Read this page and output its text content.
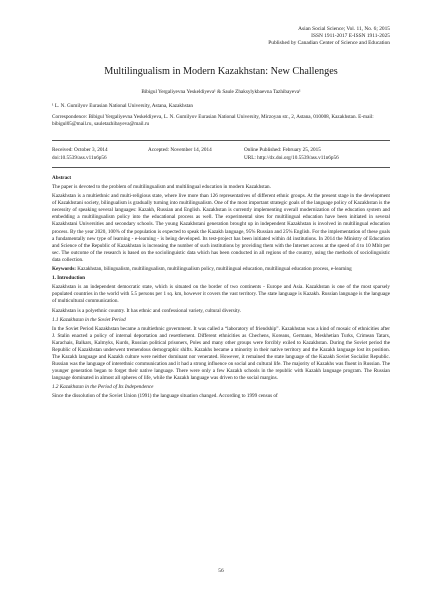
Asian Social Science; Vol. 11, No. 6; 2015
ISSN 1911-2017 E-ISSN 1911-2025
Published by Canadian Center of Science and Education
Multilingualism in Modern Kazakhstan: New Challenges
Bibigul Yergaliyevna Yeskeldiyeva¹ & Saule Zhaksylykbaevna Tazhibayeva¹
¹ L. N. Gumilyov Eurasian National University, Astana, Kazakhstan
Correspondence: Bibigul Yergaliyevna Yeskeldiyeva, L. N. Gumilyov Eurasian National University, Mirzoyan str., 2, Astana, 010008, Kazakhstan. E-mail: bibigul05@mail.ru, sauletazhibayeva@mail.ru
Received: October 3, 2014	Accepted: November 14, 2014	Online Published: February 25, 2015
doi:10.5539/ass.v11n6p56	URL: http://dx.doi.org/10.5539/ass.v11n6p56

Abstract

The paper is devoted to the problem of multilingualism and multilingual education in modern Kazakhstan.

Kazakhstan is a multiethnic and multi-religious state, where live more than 126 representatives of different ethnic groups. At the present stage in the development of Kazakhstani society, bilingualism is gradually turning into multilingualism. One of the most important strategic goals of the language policy of Kazakhstan is the necessity of speaking several languages: Kazakh, Russian and English. Kazakhstan is currently implementing overall modernization of the education system and embedding a multilingualism policy into the educational process as well. The experimental sites for multilingual education have been initiated in several Kazakhstani Universities and secondary schools. The young Kazakhstani generation brought up in independent Kazakhstan is involved in multilingual education process. By the year 2020, 100% of the population is expected to speak the Kazakh language, 95% Russian and 25% English. For the implementation of these goals a fundamentally new type of learning - e-learning - is being developed. Its test-project has been initiated within 44 institutions. In 2014 the Ministry of Education and Science of the Republic of Kazakhstan is increasing the number of such institutions by providing them with the Internet access at the speed of 4 to 10 Mbit per sec. The outcome of the research is based on the sociolinguistic data which has been conducted in all regions of the country, using the methods of sociolinguistic data collection.

Keywords: Kazakhstan, bilingualism, multilingualism, multilingualism policy, multilingual education, multilingual education process, e-learning

1. Introduction

Kazakhstan is an independent democratic state, which is situated on the border of two continents - Europe and Asia. Kazakhstan is one of the most sparsely populated countries in the world with 5.5 persons per 1 sq. km, however it covers the vast territory. The state language is Kazakh. Russian language is the language of multicultural communication.

Kazakhstan is a polyethnic country. It has ethnic and confessional variety, cultural diversity.

1.1 Kazakhstan in the Soviet Period

In the Soviet Period Kazakhstan became a multiethnic government. It was called a “laboratory of friendship”. Kazakhstan was a kind of mosaic of ethnicities after J. Stalin enacted a policy of internal deportation and resettlement. Different ethnicities as Chechens, Koreans, Germans, Meskhetian Turks, Crimean Tatars, Karachais, Balkars, Kalmyks, Kurds, Russian political prisoners, Poles and many other groups were forcibly exiled to Kazakhstan. During the Soviet period the Republic of Kazakhstan underwent tremendous demographic shifts. Kazakhs became a minority in their native territory and the Kazakh language lost its position. The Kazakh language and Kazakh culture were neither dominant nor venerated. However, it remained the state language of the Kazakh Soviet Socialist Republic. Russian was the language of interethnic communication and it had a strong influence on social and cultural life. The majority of Kazakhs was fluent in Russian. The younger generation began to forget their native language. There were only a few Kazakh schools in the republic with Kazakh language program. The Russian language dominated in almost all spheres of life, while the Kazakh language was driven to the social margins.

1.2 Kazakhstan in the Period of Its Independence

Since the dissolution of the Soviet Union (1991) the language situation changed. According to 1999 census of

56
